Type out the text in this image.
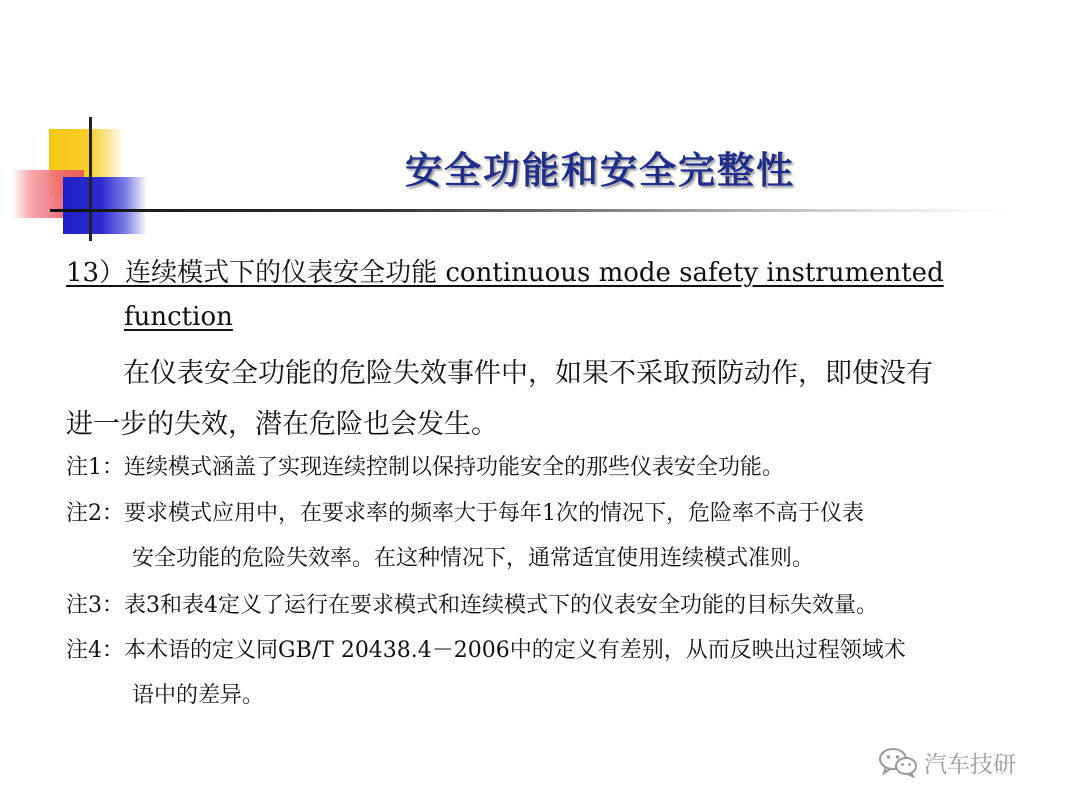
安全功能和安全完整性
13）连续模式下的仪表安全功能 continuous mode safety instrumented
function
在仪表安全功能的危险失效事件中，如果不采取预防动作，即使没有
进一步的失效，潜在危险也会发生。
注1：连续模式涵盖了实现连续控制以保持功能安全的那些仪表安全功能。
注2：要求模式应用中，在要求率的频率大于每年1次的情况下，危险率不高于仪表
安全功能的危险失效率。在这种情况下，通常适宜使用连续模式准则。
注3：表3和表4定义了运行在要求模式和连续模式下的仪表安全功能的目标失效量。
注4：本术语的定义同GB/T 20438.4－2006中的定义有差别，从而反映出过程领域术
语中的差异。
汽车技研
